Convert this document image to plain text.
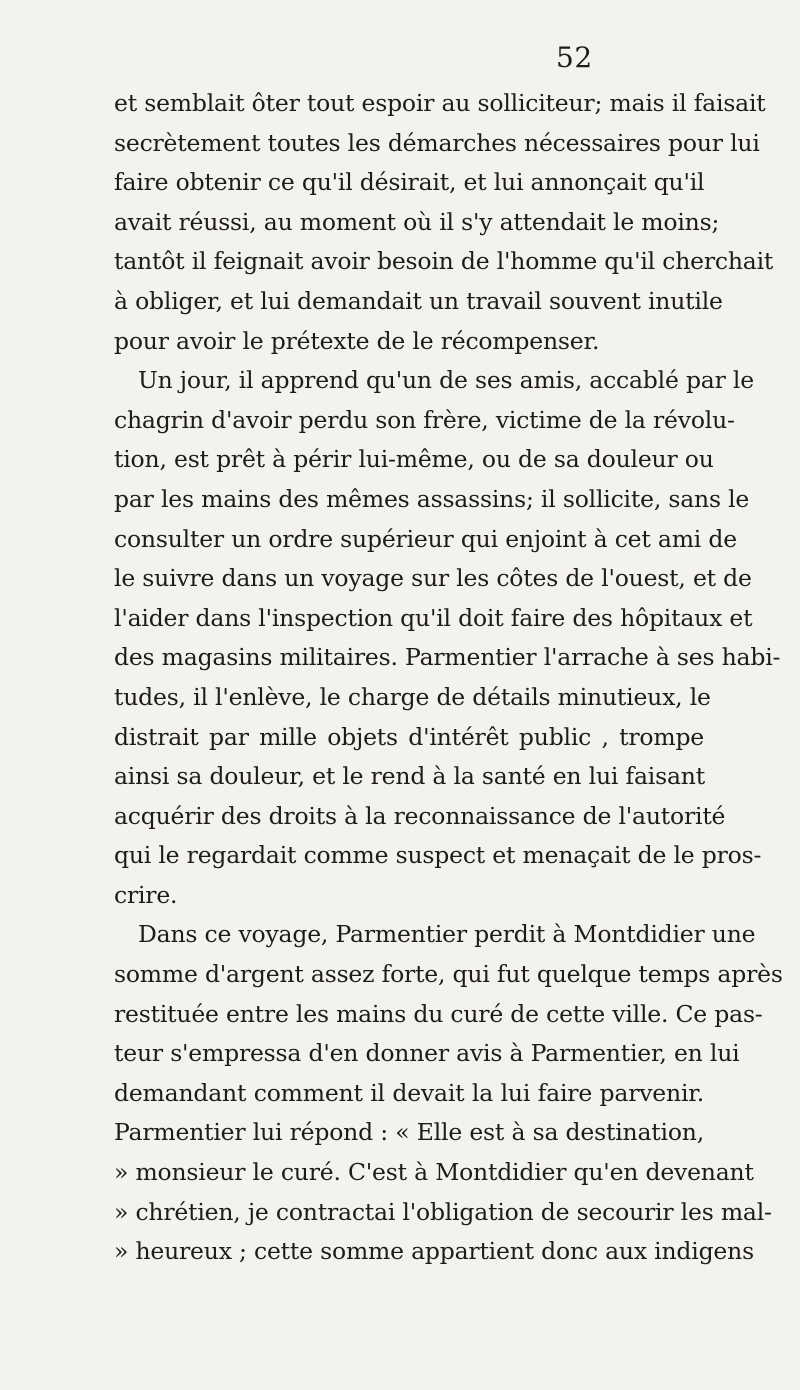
52
et semblait ôter tout espoir au solliciteur; mais il faisait
secrètement toutes les démarches nécessaires pour lui
faire obtenir ce qu'il désirait, et lui annonçait qu'il
avait réussi, au moment où il s'y attendait le moins;
tantôt il feignait avoir besoin de l'homme qu'il cherchait
à obliger, et lui demandait un travail souvent inutile
pour avoir le prétexte de le récompenser.
Un jour, il apprend qu'un de ses amis, accablé par le
chagrin d'avoir perdu son frère, victime de la révolu-
tion, est prêt à périr lui-même, ou de sa douleur ou
par les mains des mêmes assassins; il sollicite, sans le
consulter un ordre supérieur qui enjoint à cet ami de
le suivre dans un voyage sur les côtes de l'ouest, et de
l'aider dans l'inspection qu'il doit faire des hôpitaux et
des magasins militaires. Parmentier l'arrache à ses habi-
tudes, il l'enlève, le charge de détails minutieux, le
distrait par mille objets d'intérêt public , trompe
ainsi sa douleur, et le rend à la santé en lui faisant
acquérir des droits à la reconnaissance de l'autorité
qui le regardait comme suspect et menaçait de le pros-
crire.
Dans ce voyage, Parmentier perdit à Montdidier une
somme d'argent assez forte, qui fut quelque temps après
restituée entre les mains du curé de cette ville. Ce pas-
teur s'empressa d'en donner avis à Parmentier, en lui
demandant comment il devait la lui faire parvenir.
Parmentier lui répond : « Elle est à sa destination,
» monsieur le curé. C'est à Montdidier qu'en devenant
» chrétien, je contractai l'obligation de secourir les mal-
» heureux ; cette somme appartient donc aux indigens
